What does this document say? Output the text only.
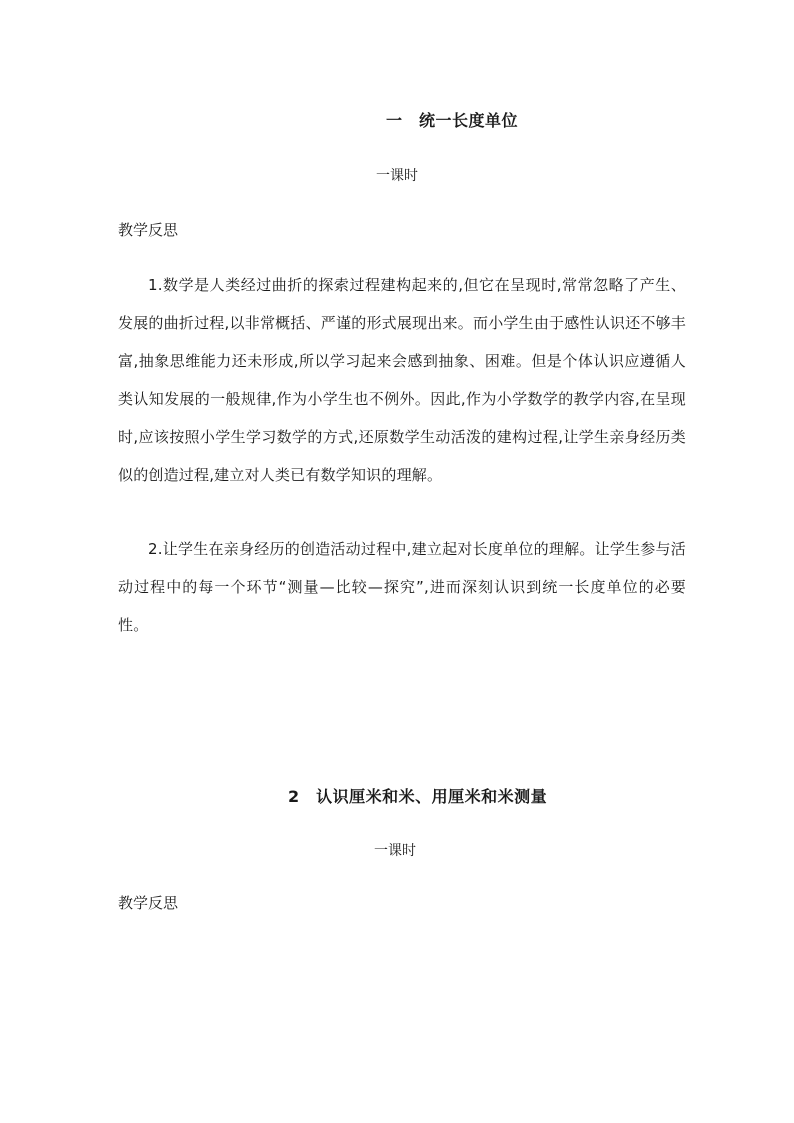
一　统一长度单位
一课时
教学反思

1.数学是人类经过曲折的探索过程建构起来的,但它在呈现时,常常忽略了产生、发展的曲折过程,以非常概括、严谨的形式展现出来。而小学生由于感性认识还不够丰富,抽象思维能力还未形成,所以学习起来会感到抽象、困难。但是个体认识应遵循人类认知发展的一般规律,作为小学生也不例外。因此,作为小学数学的教学内容,在呈现时,应该按照小学生学习数学的方式,还原数学生动活泼的建构过程,让学生亲身经历类似的创造过程,建立对人类已有数学知识的理解。

2.让学生在亲身经历的创造活动过程中,建立起对长度单位的理解。让学生参与活动过程中的每一个环节“测量—比较—探究”,进而深刻认识到统一长度单位的必要性。

2　认识厘米和米、用厘米和米测量
一课时
教学反思
